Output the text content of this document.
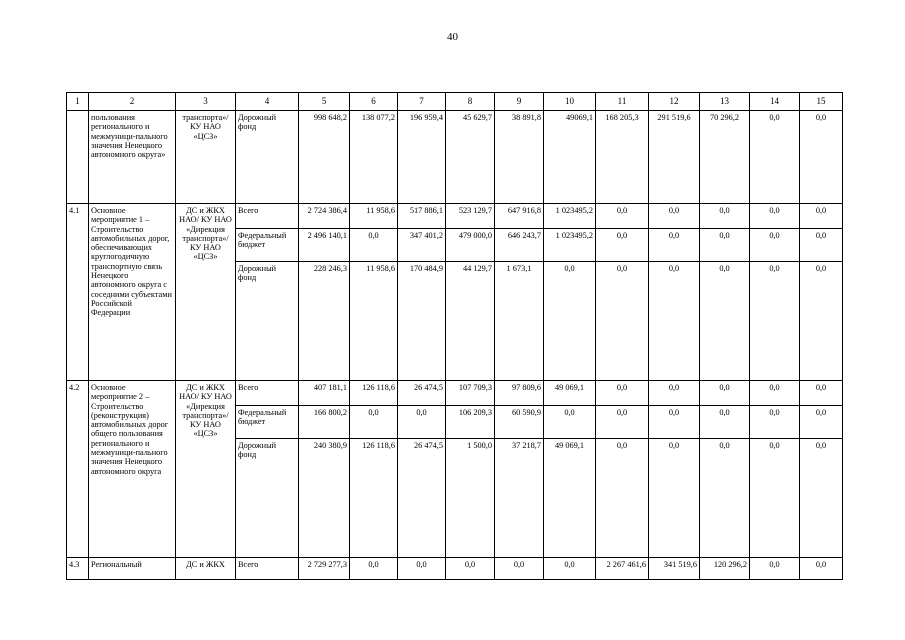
40
1	2	3	4	5	6	7	8	9	10	11	12	13	14	15
	пользования регионального и межмуници-пального значения Ненецкого автономного округа»	транспорта»/ КУ НАО «ЦСЗ»	Дорожный фонд	998 648,2	138 077,2	196 959,4	45 629,7	38 891,8	49069,1	168 205,3	291 519,6	70 296,2	0,0	0,0
4.1	Основное мероприятие 1 – Строительство автомобильных дорог, обеспечивающих круглогодичную транспортную связь Ненецкого автономного округа с соседними субъектами Российской Федерации	ДС и ЖКХ НАО/ КУ НАО «Дирекция транспорта»/ КУ НАО «ЦСЗ»	Всего	2 724 386,4	11 958,6	517 886,1	523 129,7	647 916,8	1 023495,2	0,0	0,0	0,0	0,0	0,0
			Федеральный бюджет	2 496 140,1	0,0	347 401,2	479 000,0	646 243,7	1 023495,2	0,0	0,0	0,0	0,0	0,0
			Дорожный фонд	228 246,3	11 958,6	170 484,9	44 129,7	1 673,1	0,0	0,0	0,0	0,0	0,0	0,0
4.2	Основное мероприятие 2 – Строительство (реконструкция) автомобильных дорог общего пользования регионального и межмуници-пального значения Ненецкого автономного округа	ДС и ЖКХ НАО/ КУ НАО «Дирекция транспорта»/ КУ НАО «ЦСЗ»	Всего	407 181,1	126 118,6	26 474,5	107 709,3	97 809,6	49 069,1	0,0	0,0	0,0	0,0	0,0
			Федеральный бюджет	166 800,2	0,0	0,0	106 209,3	60 590,9	0,0	0,0	0,0	0,0	0,0	0,0
			Дорожный фонд	240 380,9	126 118,6	26 474,5	1 500,0	37 218,7	49 069,1	0,0	0,0	0,0	0,0	0,0
4.3	Региональный	ДС и ЖКХ	Всего	2 729 277,3	0,0	0,0	0,0	0,0	0,0	2 267 461,6	341 519,6	120 296,2	0,0	0,0
